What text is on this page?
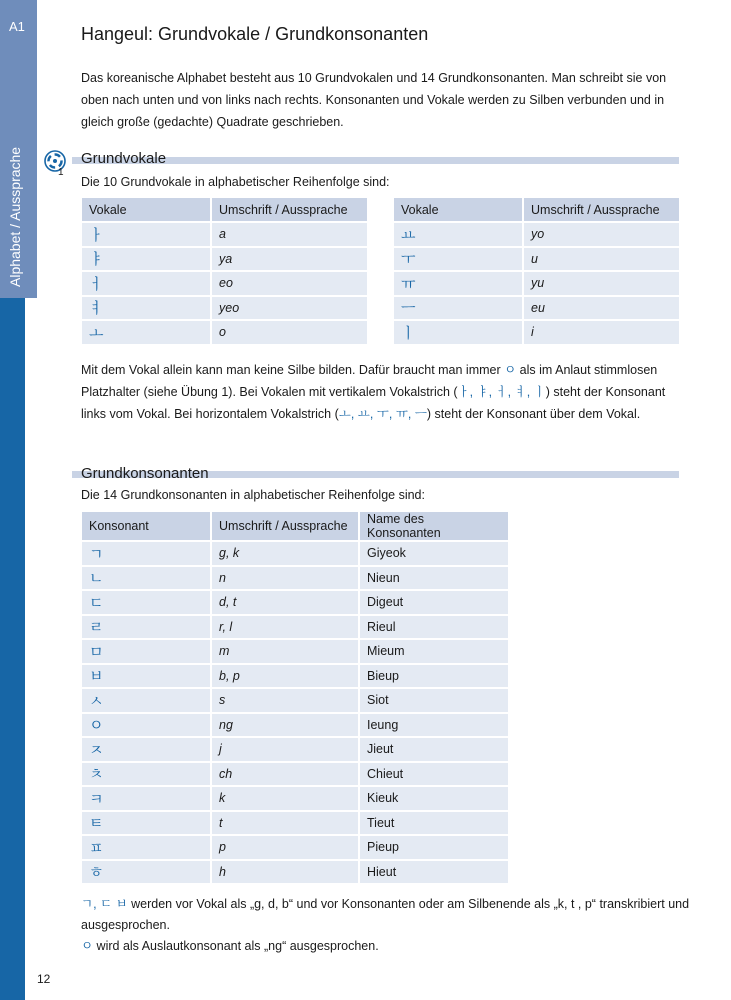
A1
Alphabet / Aussprache
12
Hangeul: Grundvokale / Grundkonsonanten

Das koreanische Alphabet besteht aus 10 Grundvokalen und 14 Grundkonsonanten. Man schreibt sie von oben nach unten und von links nach rechts. Konsonanten und Vokale werden zu Silben verbunden und in gleich große (gedachte) Quadrate geschrieben.

Grundvokale
1

Die 10 Grundvokale in alphabetischer Reihenfolge sind:

Vokale	Umschrift / Aussprache
ㅏ	a
ㅑ	ya
ㅓ	eo
ㅕ	yeo
ㅗ	o
Vokale	Umschrift / Aussprache
ㅛ	yo
ㅜ	u
ㅠ	yu
ㅡ	eu
ㅣ	i

Mit dem Vokal allein kann man keine Silbe bilden. Dafür braucht man immer ㅇ als im Anlaut stimmlosen Platzhalter (siehe Übung 1). Bei Vokalen mit vertikalem Vokalstrich (ㅏ, ㅑ, ㅓ, ㅕ, ㅣ) steht der Konsonant links vom Vokal. Bei horizontalem Vokalstrich (ㅗ, ㅛ, ㅜ, ㅠ, ㅡ) steht der Konsonant über dem Vokal.

Grundkonsonanten

Die 14 Grundkonsonanten in alphabetischer Reihenfolge sind:

Konsonant	Umschrift / Aussprache	Name des Konsonanten
ㄱ	g, k	Giyeok
ㄴ	n	Nieun
ㄷ	d, t	Digeut
ㄹ	r, l	Rieul
ㅁ	m	Mieum
ㅂ	b, p	Bieup
ㅅ	s	Siot
ㅇ	ng	Ieung
ㅈ	j	Jieut
ㅊ	ch	Chieut
ㅋ	k	Kieuk
ㅌ	t	Tieut
ㅍ	p	Pieup
ㅎ	h	Hieut

ㄱ, ㄷ ㅂ werden vor Vokal als „g, d, b“ und vor Konsonanten oder am Silbenende als „k, t , p“ transkribiert und ausgesprochen.

ㅇ wird als Auslautkonsonant als „ng“ ausgesprochen.
